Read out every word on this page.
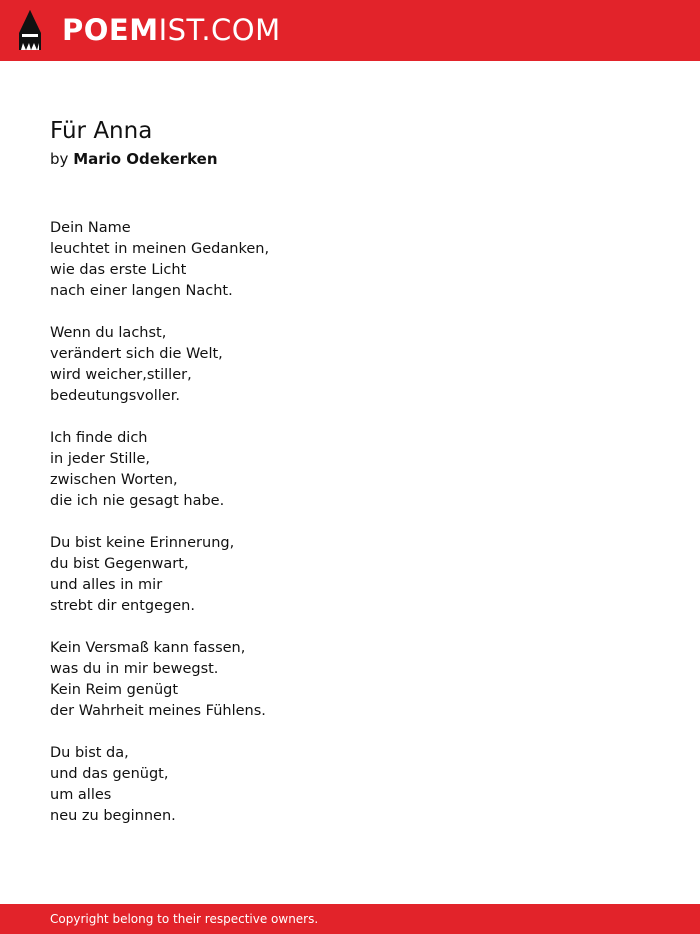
POEMIST.COM
Für Anna
by Mario Odekerken
Dein Name
leuchtet in meinen Gedanken,
wie das erste Licht
nach einer langen Nacht.
Wenn du lachst,
verändert sich die Welt,
wird weicher,stiller,
bedeutungsvoller.
Ich finde dich
in jeder Stille,
zwischen Worten,
die ich nie gesagt habe.
Du bist keine Erinnerung,
du bist Gegenwart,
und alles in mir
strebt dir entgegen.
Kein Versmaß kann fassen,
was du in mir bewegst.
Kein Reim genügt
der Wahrheit meines Fühlens.
Du bist da,
und das genügt,
um alles
neu zu beginnen.
Copyright belong to their respective owners.
